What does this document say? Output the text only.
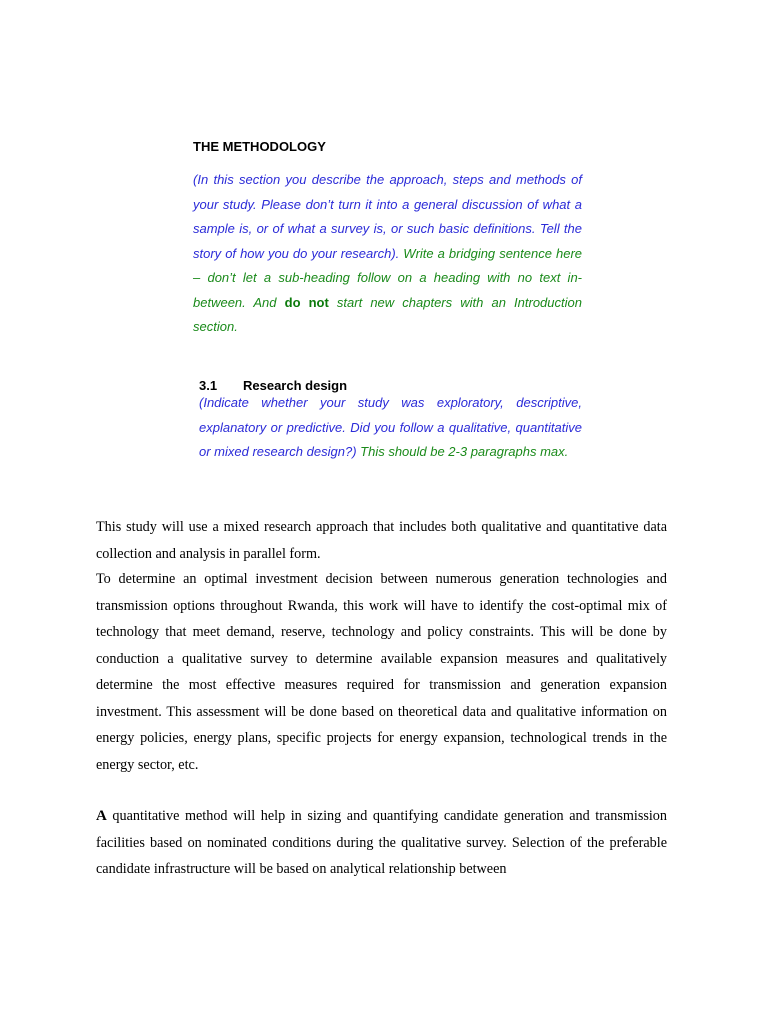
THE METHODOLOGY

(In this section you describe the approach, steps and methods of your study. Please don’t turn it into a general discussion of what a sample is, or of what a survey is, or such basic definitions. Tell the story of how you do your research). Write a bridging sentence here – don’t let a sub-heading follow on a heading with no text in-between. And do not start new chapters with an Introduction section.

3.1 Research design

(Indicate whether your study was exploratory, descriptive, explanatory or predictive. Did you follow a qualitative, quantitative or mixed research design?) This should be 2-3 paragraphs max.

This study will use a mixed research approach that includes both qualitative and quantitative data collection and analysis in parallel form.

To determine an optimal investment decision between numerous generation technologies and transmission options throughout Rwanda, this work will have to identify the cost-optimal mix of technology that meet demand, reserve, technology and policy constraints. This will be done by conduction a qualitative survey to determine available expansion measures and qualitatively determine the most effective measures required for transmission and generation expansion investment. This assessment will be done based on theoretical data and qualitative information on energy policies, energy plans, specific projects for energy expansion, technological trends in the energy sector, etc.

A quantitative method will help in sizing and quantifying candidate generation and transmission facilities based on nominated conditions during the qualitative survey. Selection of the preferable candidate infrastructure will be based on analytical relationship between
